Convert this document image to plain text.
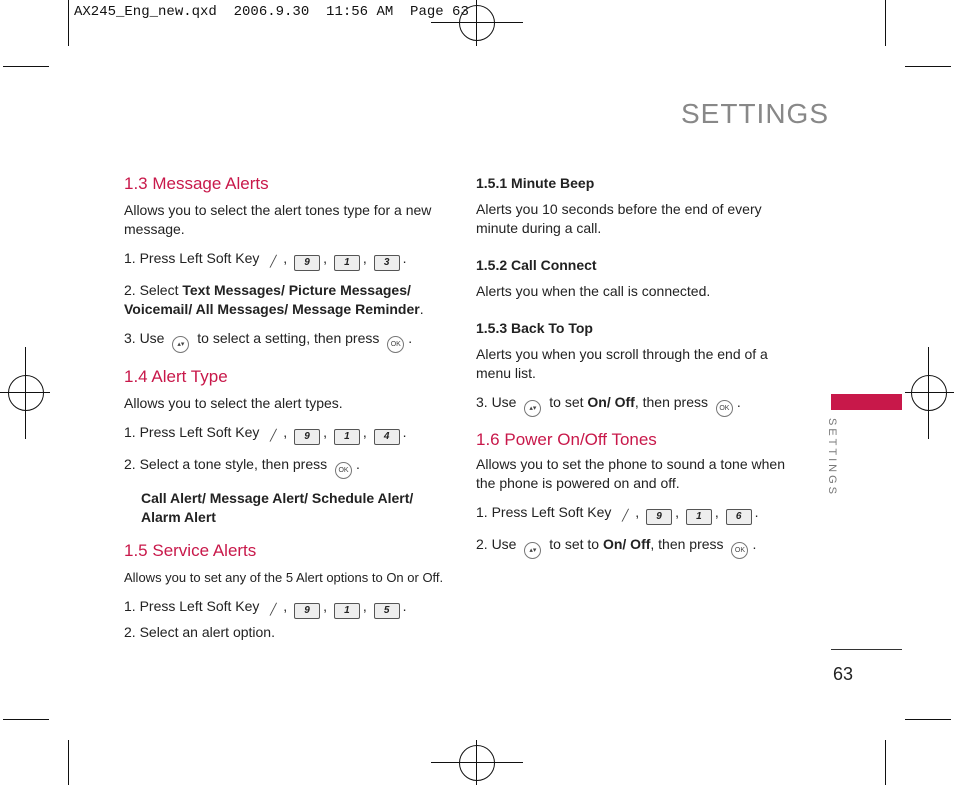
AX245_Eng_new.qxd  2006.9.30  11:56 AM  Page 63
SETTINGS
SETTINGS
63
1.3 Message Alerts

Allows you to select the alert tones type for a new message.

1. Press Left Soft Key ╱ , 9 , 1 , 3 .

2. Select Text Messages/ Picture Messages/ Voicemail/ All Messages/ Message Reminder.

3. Use ▴▾ to select a setting, then press OK .

1.4 Alert Type

Allows you to select the alert types.

1. Press Left Soft Key ╱ , 9 , 1 , 4 .

2. Select a tone style, then press OK .

Call Alert/ Message Alert/ Schedule Alert/ Alarm Alert

1.5 Service Alerts

Allows you to set any of the 5 Alert options to On or Off.

1. Press Left Soft Key ╱ , 9 , 1 , 5 .

2. Select an alert option.

1.5.1 Minute Beep

Alerts you 10 seconds before the end of every minute during a call.

1.5.2 Call Connect

Alerts you when the call is connected.

1.5.3 Back To Top

Alerts you when you scroll through the end of a menu list.

3. Use ▴▾ to set On/ Off, then press OK .

1.6 Power On/Off Tones

Allows you to set the phone to sound a tone when the phone is powered on and off.

1. Press Left Soft Key ╱ , 9 , 1 , 6 .

2. Use ▴▾ to set to On/ Off, then press OK .
